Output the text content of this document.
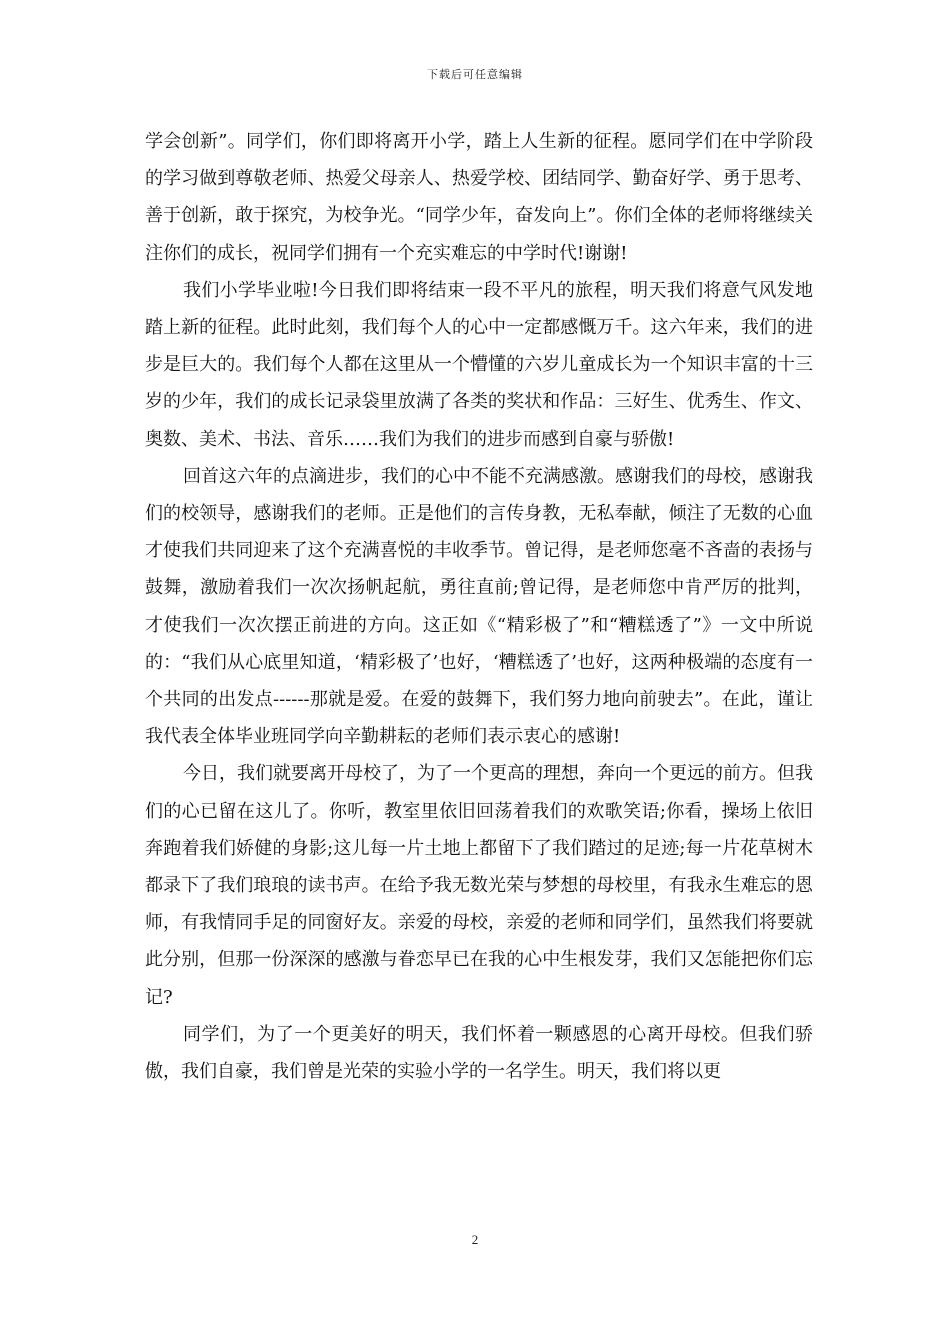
下载后可任意编辑

学会创新”。同学们，你们即将离开小学，踏上人生新的征程。愿同学们在中学阶段的学习做到尊敬老师、热爱父母亲人、热爱学校、团结同学、勤奋好学、勇于思考、善于创新，敢于探究，为校争光。“同学少年，奋发向上”。你们全体的老师将继续关注你们的成长，祝同学们拥有一个充实难忘的中学时代!谢谢!

我们小学毕业啦!今日我们即将结束一段不平凡的旅程，明天我们将意气风发地踏上新的征程。此时此刻，我们每个人的心中一定都感慨万千。这六年来，我们的进步是巨大的。我们每个人都在这里从一个懵懂的六岁儿童成长为一个知识丰富的十三岁的少年，我们的成长记录袋里放满了各类的奖状和作品：三好生、优秀生、作文、奥数、美术、书法、音乐……我们为我们的进步而感到自豪与骄傲!

回首这六年的点滴进步，我们的心中不能不充满感激。感谢我们的母校，感谢我们的校领导，感谢我们的老师。正是他们的言传身教，无私奉献，倾注了无数的心血才使我们共同迎来了这个充满喜悦的丰收季节。曾记得，是老师您毫不吝啬的表扬与鼓舞，激励着我们一次次扬帆起航，勇往直前;曾记得，是老师您中肯严厉的批判，才使我们一次次摆正前进的方向。这正如《“精彩极了”和“糟糕透了”》一文中所说的：“我们从心底里知道，‘精彩极了’也好，‘糟糕透了’也好，这两种极端的态度有一个共同的出发点------那就是爱。在爱的鼓舞下，我们努力地向前驶去”。在此，谨让我代表全体毕业班同学向辛勤耕耘的老师们表示衷心的感谢!

今日，我们就要离开母校了，为了一个更高的理想，奔向一个更远的前方。但我们的心已留在这儿了。你听，教室里依旧回荡着我们的欢歌笑语;你看，操场上依旧奔跑着我们娇健的身影;这儿每一片土地上都留下了我们踏过的足迹;每一片花草树木都录下了我们琅琅的读书声。在给予我无数光荣与梦想的母校里，有我永生难忘的恩师，有我情同手足的同窗好友。亲爱的母校，亲爱的老师和同学们，虽然我们将要就此分别，但那一份深深的感激与眷恋早已在我的心中生根发芽，我们又怎能把你们忘记?

同学们，为了一个更美好的明天，我们怀着一颗感恩的心离开母校。但我们骄傲，我们自豪，我们曾是光荣的实验小学的一名学生。明天，我们将以更

2
